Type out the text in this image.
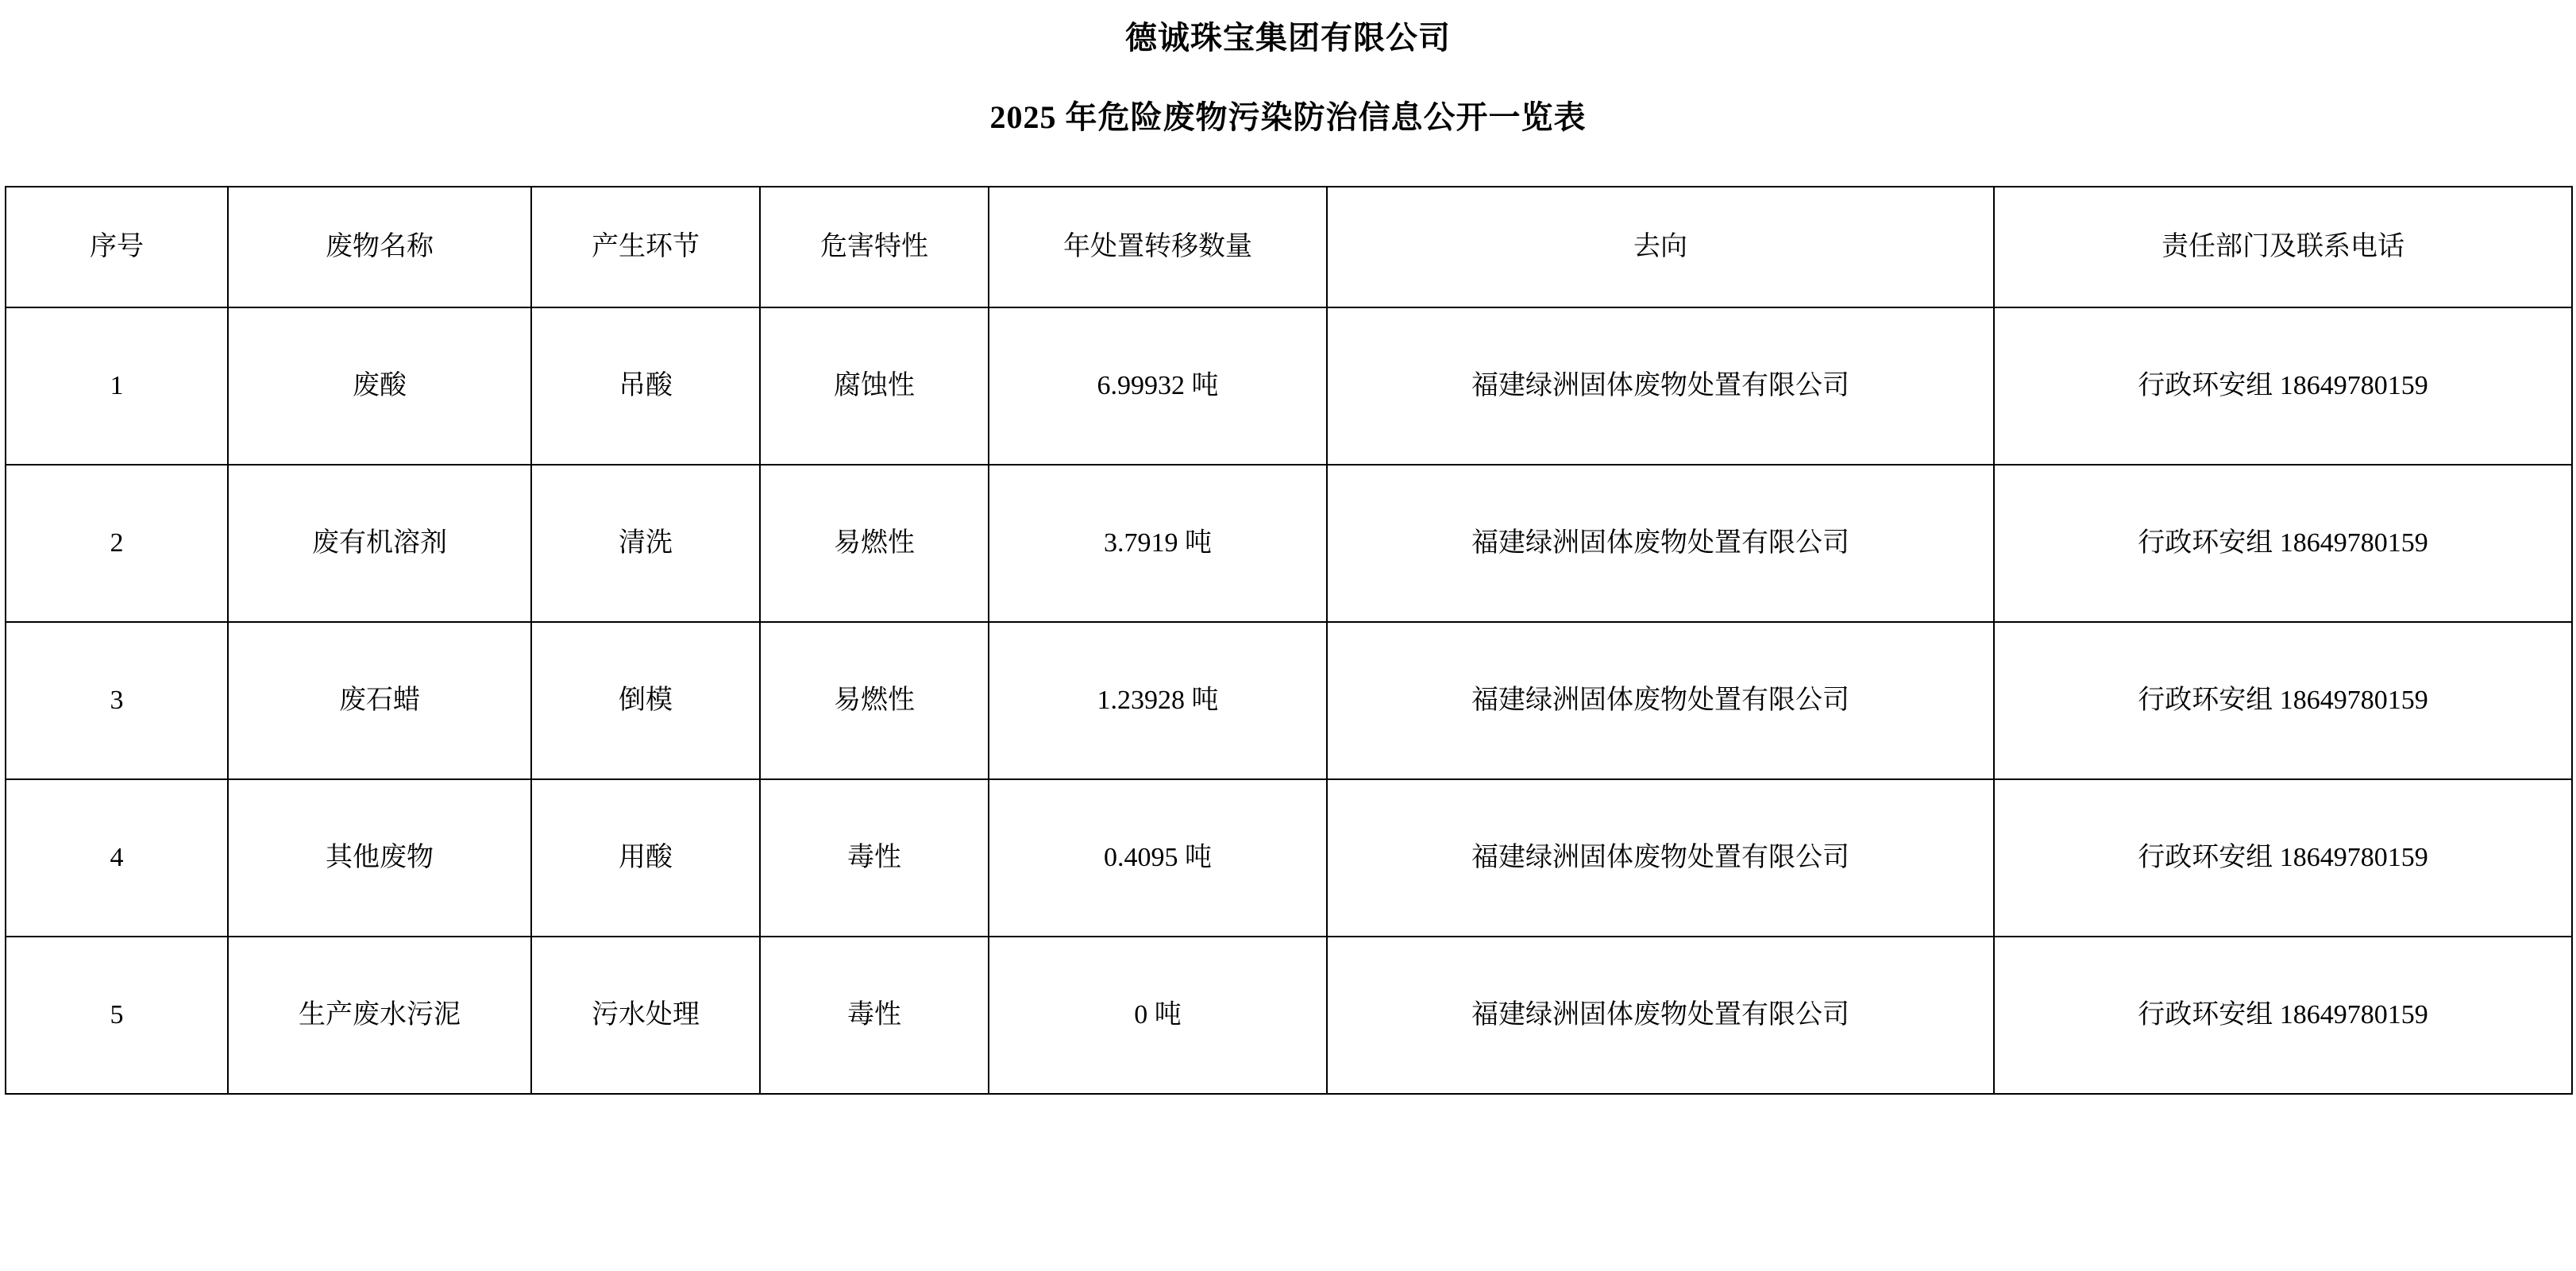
德诚珠宝集团有限公司
2025 年危险废物污染防治信息公开一览表
序号	废物名称	产生环节	危害特性	年处置转移数量	去向	责任部门及联系电话
1	废酸	吊酸	腐蚀性	6.99932 吨	福建绿洲固体废物处置有限公司	行政环安组 18649780159
2	废有机溶剂	清洗	易燃性	3.7919 吨	福建绿洲固体废物处置有限公司	行政环安组 18649780159
3	废石蜡	倒模	易燃性	1.23928 吨	福建绿洲固体废物处置有限公司	行政环安组 18649780159
4	其他废物	用酸	毒性	0.4095 吨	福建绿洲固体废物处置有限公司	行政环安组 18649780159
5	生产废水污泥	污水处理	毒性	0 吨	福建绿洲固体废物处置有限公司	行政环安组 18649780159
